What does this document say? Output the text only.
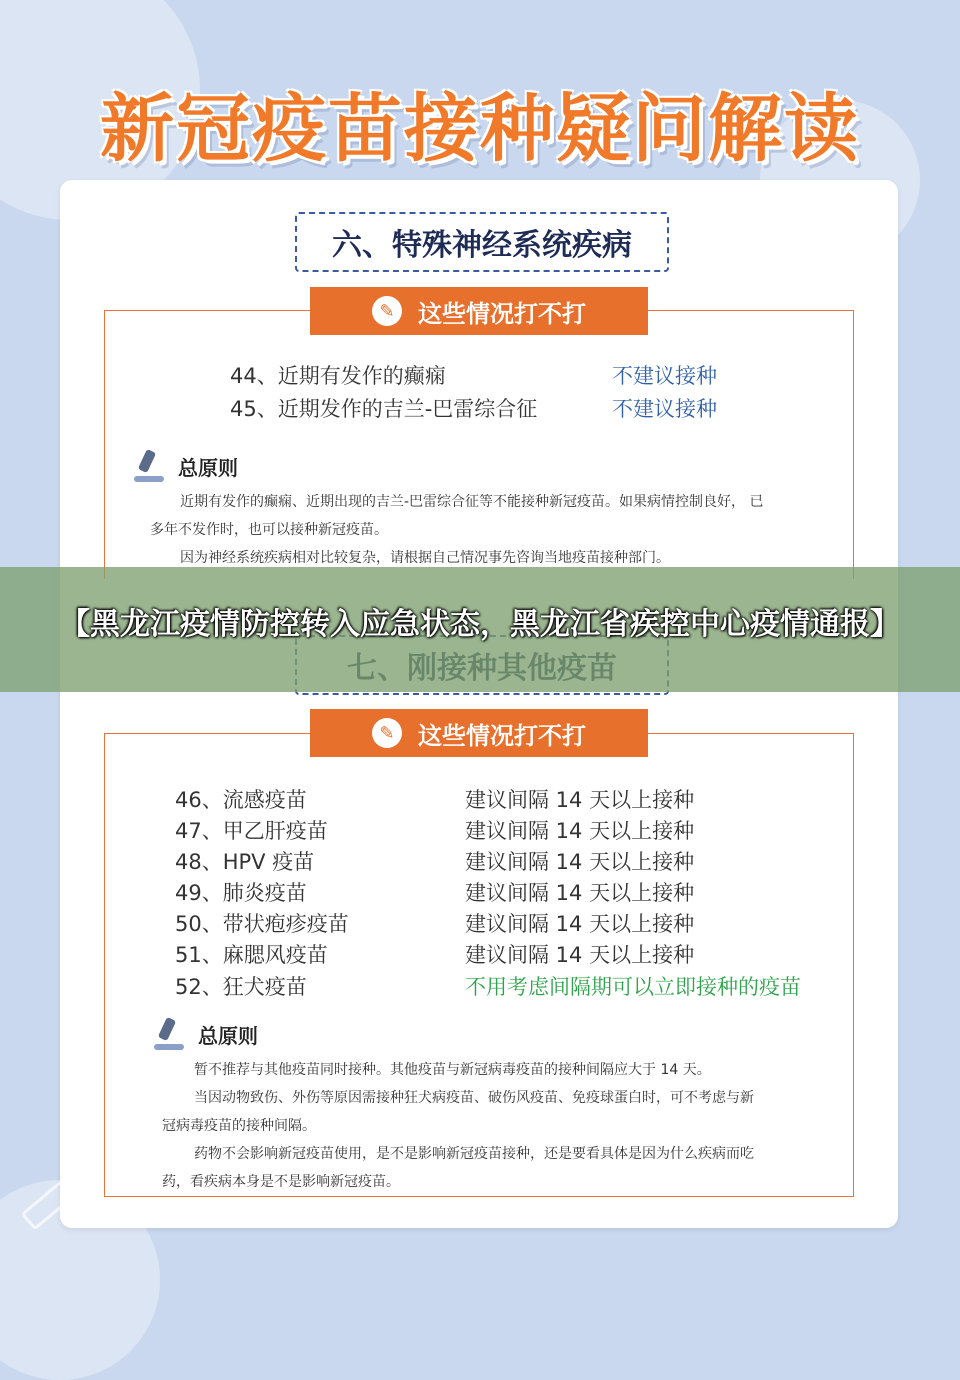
新冠疫苗接种疑问解读
六、特殊神经系统疾病
✎ 这些情况打不打
44、近期有发作的癫痫	不建议接种
45、近期发作的吉兰-巴雷综合征	不建议接种
总原则
近期有发作的癫痫、近期出现的吉兰-巴雷综合征等不能接种新冠疫苗。如果病情控制良好， 已
多年不发作时，也可以接种新冠疫苗。
因为神经系统疾病相对比较复杂，请根据自己情况事先咨询当地疫苗接种部门。
✎ 这些情况打不打
46、流感疫苗	建议间隔 14 天以上接种
47、甲乙肝疫苗	建议间隔 14 天以上接种
48、HPV 疫苗	建议间隔 14 天以上接种
49、肺炎疫苗	建议间隔 14 天以上接种
50、带状疱疹疫苗	建议间隔 14 天以上接种
51、麻腮风疫苗	建议间隔 14 天以上接种
52、狂犬疫苗	不用考虑间隔期可以立即接种的疫苗
总原则
暂不推荐与其他疫苗同时接种。其他疫苗与新冠病毒疫苗的接种间隔应大于 14 天。
当因动物致伤、外伤等原因需接种狂犬病疫苗、破伤风疫苗、免疫球蛋白时，可不考虑与新
冠病毒疫苗的接种间隔。
药物不会影响新冠疫苗使用，是不是影响新冠疫苗接种，还是要看具体是因为什么疾病而吃
药，看疾病本身是不是影响新冠疫苗。
【黑龙江疫情防控转入应急状态，黑龙江省疾控中心疫情通报】
